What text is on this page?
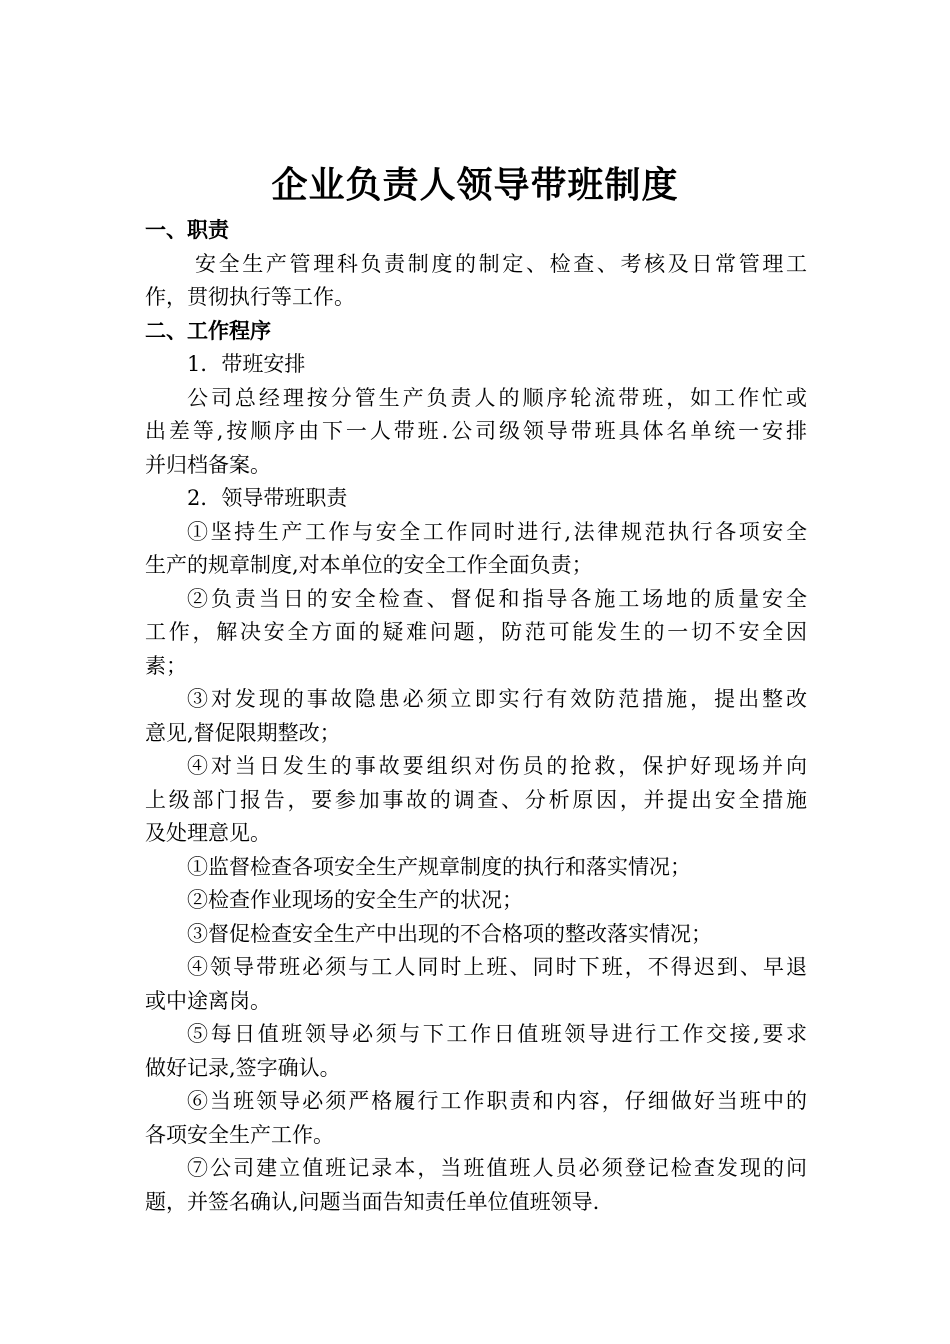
企业负责人领导带班制度

一、职责

安全生产管理科负责制度的制定、检查、考核及日常管理工

作，贯彻执行等工作。

二、工作程序

1．带班安排

公司总经理按分管生产负责人的顺序轮流带班，如工作忙或

出差等,按顺序由下一人带班.公司级领导带班具体名单统一安排

并归档备案。

2．领导带班职责

①坚持生产工作与安全工作同时进行,法律规范执行各项安全

生产的规章制度,对本单位的安全工作全面负责；

②负责当日的安全检查、督促和指导各施工场地的质量安全

工作，解决安全方面的疑难问题，防范可能发生的一切不安全因

素；

③对发现的事故隐患必须立即实行有效防范措施，提出整改

意见,督促限期整改；

④对当日发生的事故要组织对伤员的抢救，保护好现场并向

上级部门报告，要参加事故的调查、分析原因，并提出安全措施

及处理意见。

①监督检查各项安全生产规章制度的执行和落实情况；

②检查作业现场的安全生产的状况；

③督促检查安全生产中出现的不合格项的整改落实情况；

④领导带班必须与工人同时上班、同时下班，不得迟到、早退

或中途离岗。

⑤每日值班领导必须与下工作日值班领导进行工作交接,要求

做好记录,签字确认。

⑥当班领导必须严格履行工作职责和内容，仔细做好当班中的

各项安全生产工作。

⑦公司建立值班记录本，当班值班人员必须登记检查发现的问

题，并签名确认,问题当面告知责任单位值班领导.
